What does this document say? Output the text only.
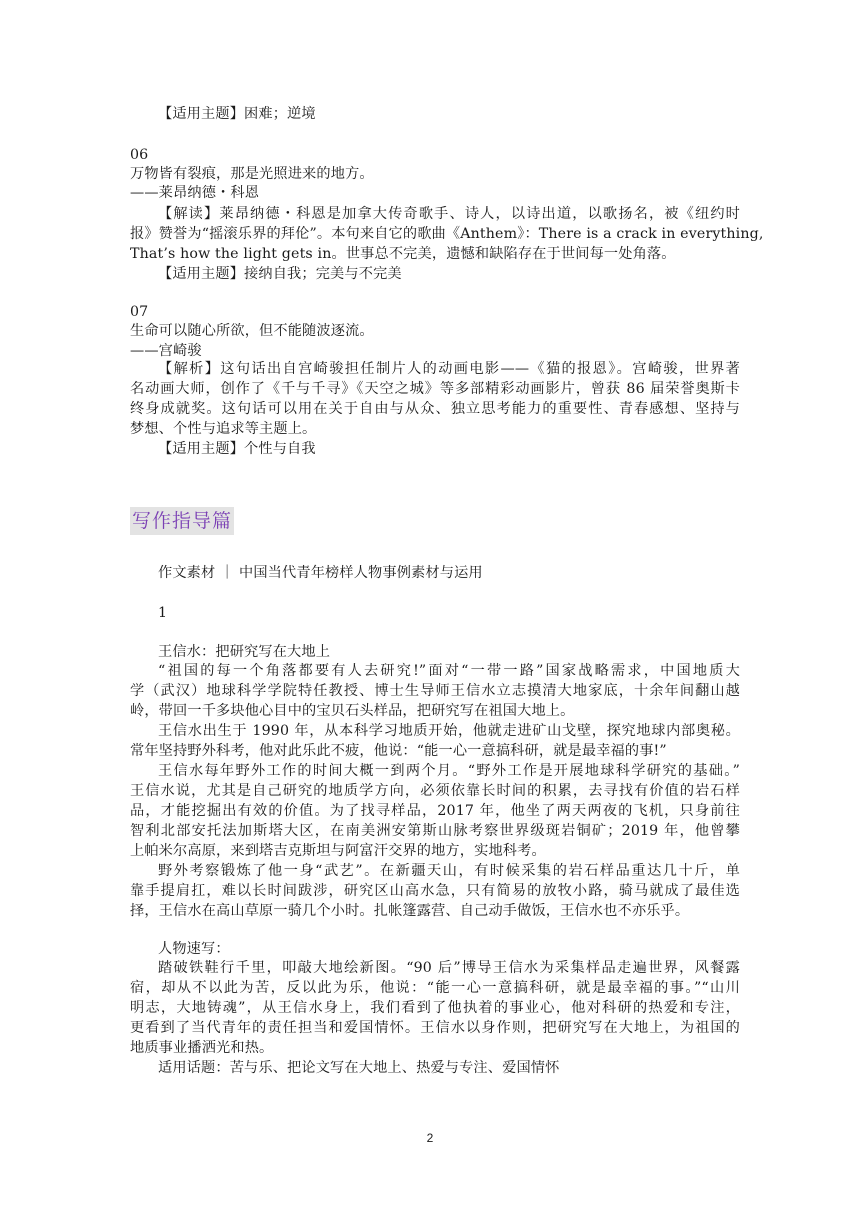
【适用主题】困难；逆境
06
万物皆有裂痕，那是光照进来的地方。
——莱昂纳德・科恩
【解读】莱昂纳德・科恩是加拿大传奇歌手、诗人，以诗出道，以歌扬名，被《纽约时
报》赞誉为“摇滚乐界的拜伦”。本句来自它的歌曲《Anthem》：There is a crack in everything,
That’s how the light gets in。世事总不完美，遗憾和缺陷存在于世间每一处角落。
【适用主题】接纳自我；完美与不完美
07
生命可以随心所欲，但不能随波逐流。
——宫崎骏
【解析】这句话出自宫崎骏担任制片人的动画电影——《猫的报恩》。宫崎骏，世界著
名动画大师，创作了《千与千寻》《天空之城》等多部精彩动画影片，曾获 86 届荣誉奥斯卡
终身成就奖。这句话可以用在关于自由与从众、独立思考能力的重要性、青春感想、坚持与
梦想、个性与追求等主题上。
【适用主题】个性与自我
写作指导篇
作文素材 ｜ 中国当代青年榜样人物事例素材与运用
1
王信水：把研究写在大地上
“祖国的每一个角落都要有人去研究!”面对“一带一路”国家战略需求，中国地质大
学（武汉）地球科学学院特任教授、博士生导师王信水立志摸清大地家底，十余年间翻山越
岭，带回一千多块他心目中的宝贝石头样品，把研究写在祖国大地上。
王信水出生于 1990 年，从本科学习地质开始，他就走进矿山戈壁，探究地球内部奥秘。
常年坚持野外科考，他对此乐此不疲，他说：“能一心一意搞科研，就是最幸福的事!”
王信水每年野外工作的时间大概一到两个月。“野外工作是开展地球科学研究的基础。”
王信水说，尤其是自己研究的地质学方向，必须依靠长时间的积累，去寻找有价值的岩石样
品，才能挖掘出有效的价值。为了找寻样品，2017 年，他坐了两天两夜的飞机，只身前往
智利北部安托法加斯塔大区，在南美洲安第斯山脉考察世界级斑岩铜矿；2019 年，他曾攀
上帕米尔高原，来到塔吉克斯坦与阿富汗交界的地方，实地科考。
野外考察锻炼了他一身“武艺”。在新疆天山，有时候采集的岩石样品重达几十斤，单
靠手提肩扛，难以长时间跋涉，研究区山高水急，只有简易的放牧小路，骑马就成了最佳选
择，王信水在高山草原一骑几个小时。扎帐篷露营、自己动手做饭，王信水也不亦乐乎。
人物速写：
踏破铁鞋行千里，叩敲大地绘新图。“90 后”博导王信水为采集样品走遍世界，风餐露
宿，却从不以此为苦，反以此为乐，他说：“能一心一意搞科研，就是最幸福的事。”“山川
明志，大地铸魂”，从王信水身上，我们看到了他执着的事业心，他对科研的热爱和专注，
更看到了当代青年的责任担当和爱国情怀。王信水以身作则，把研究写在大地上，为祖国的
地质事业播洒光和热。
适用话题：苦与乐、把论文写在大地上、热爱与专注、爱国情怀
2
